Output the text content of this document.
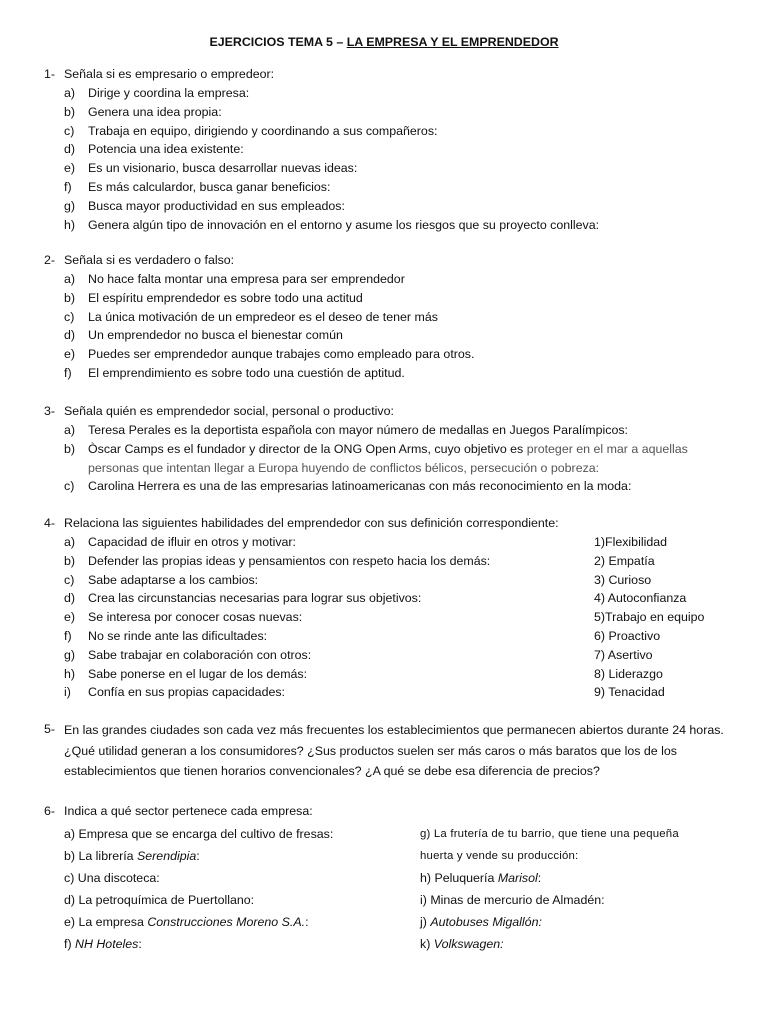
EJERCICIOS TEMA 5 – LA EMPRESA Y EL EMPRENDEDOR
1- Señala si es empresario o empredeor:
a)	Dirige y coordina la empresa:
b)	Genera una idea propia:
c)	Trabaja en equipo, dirigiendo y coordinando a sus compañeros:
d)	Potencia una idea existente:
e)	Es un visionario, busca desarrollar nuevas ideas:
f)	Es más calculardor, busca ganar beneficios:
g)	Busca mayor productividad en sus empleados:
h)	Genera algún tipo de innovación en el entorno y asume los riesgos que su proyecto conlleva:
2- Señala si es verdadero o falso:
a)	No hace falta montar una empresa para ser emprendedor
b)	El espíritu emprendedor es sobre todo una actitud
c)	La única motivación de un empredeor es el deseo de tener más
d)	Un emprendedor no busca el bienestar común
e)	Puedes ser emprendedor aunque trabajes como empleado para otros.
f)	El emprendimiento es sobre todo una cuestión de aptitud.
3- Señala quién es emprendedor social, personal o productivo:
a)	Teresa Perales es la deportista española con mayor número de medallas en Juegos Paralímpicos:
b)	Òscar Camps es el fundador y director de la ONG Open Arms, cuyo objetivo es proteger en el mar a aquellas
personas que intentan llegar a Europa huyendo de conflictos bélicos, persecución o pobreza:
c)	Carolina Herrera es una de las empresarias latinoamericanas con más reconocimiento en la moda:
4- Relaciona las siguientes habilidades del emprendedor con sus definición correspondiente:
a)	Capacidad de ifluir en otros y motivar:	1)Flexibilidad
b)	Defender las propias ideas y pensamientos con respeto hacia los demás:	2) Empatía
c)	Sabe adaptarse a los cambios:	3) Curioso
d)	Crea las circunstancias necesarias para lograr sus objetivos:	4) Autoconfianza
e)	Se interesa por conocer cosas nuevas:	5)Trabajo en equipo
f)	No se rinde ante las dificultades:	6) Proactivo
g)	Sabe trabajar en colaboración con otros:	7) Asertivo
h)	Sabe ponerse en el lugar de los demás:	8) Liderazgo
i)	Confía en sus propias capacidades:	9) Tenacidad
5- En las grandes ciudades son cada vez más frecuentes los establecimientos que permanecen abiertos durante 24 horas. ¿Qué utilidad generan a los consumidores? ¿Sus productos suelen ser más caros o más baratos que los de los establecimientos que tienen horarios convencionales? ¿A qué se debe esa diferencia de precios?
6- Indica a qué sector pertenece cada empresa:
a) Empresa que se encarga del cultivo de fresas:	g) La frutería de tu barrio, que tiene una pequeña
b) La librería Serendipia:	huerta y vende su producción:
c) Una discoteca:	h) Peluquería Marisol:
d) La petroquímica de Puertollano:	i) Minas de mercurio de Almadén:
e) La empresa Construcciones Moreno S.A.:	j) Autobuses Migallón:
f) NH Hoteles:	k) Volkswagen:
